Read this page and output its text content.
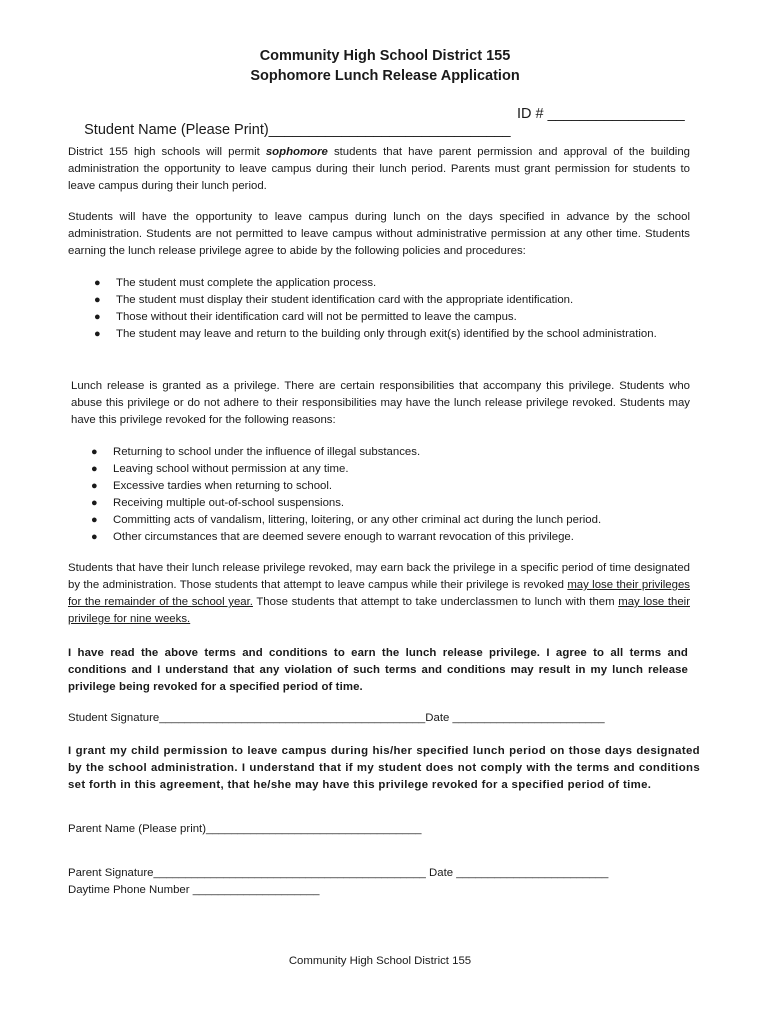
Community High School District 155
Sophomore Lunch Release Application

Student Name (Please Print)______________________________

ID # _________________

District 155 high schools will permit sophomore students that have parent permission and approval of the building administration the opportunity to leave campus during their lunch period. Parents must grant permission for students to leave campus during their lunch period.

Students will have the opportunity to leave campus during lunch on the days specified in advance by the school administration. Students are not permitted to leave campus without administrative permission at any other time. Students earning the lunch release privilege agree to abide by the following policies and procedures:

● The student must complete the application process.
● The student must display their student identification card with the appropriate identification.
● Those without their identification card will not be permitted to leave the campus.
● The student may leave and return to the building only through exit(s) identified by the school administration.

Lunch release is granted as a privilege. There are certain responsibilities that accompany this privilege. Students who abuse this privilege or do not adhere to their responsibilities may have the lunch release privilege revoked. Students may have this privilege revoked for the following reasons:

● Returning to school under the influence of illegal substances.
● Leaving school without permission at any time.
● Excessive tardies when returning to school.
● Receiving multiple out-of-school suspensions.
● Committing acts of vandalism, littering, loitering, or any other criminal act during the lunch period.
● Other circumstances that are deemed severe enough to warrant revocation of this privilege.

Students that have their lunch release privilege revoked, may earn back the privilege in a specific period of time designated by the administration. Those students that attempt to leave campus while their privilege is revoked may lose their privileges for the remainder of the school year. Those students that attempt to take underclassmen to lunch with them may lose their privilege for nine weeks.

I have read the above terms and conditions to earn the lunch release privilege. I agree to all terms and conditions and I understand that any violation of such terms and conditions may result in my lunch release privilege being revoked for a specified period of time.

Student Signature__________________________________________Date ________________________

I grant my child permission to leave campus during his/her specified lunch period on those days designated by the school administration. I understand that if my student does not comply with the terms and conditions set forth in this agreement, that he/she may have this privilege revoked for a specified period of time.

Parent Name (Please print)__________________________________
Parent Signature___________________________________________ Date ________________________
Daytime Phone Number ____________________
Community High School District 155
